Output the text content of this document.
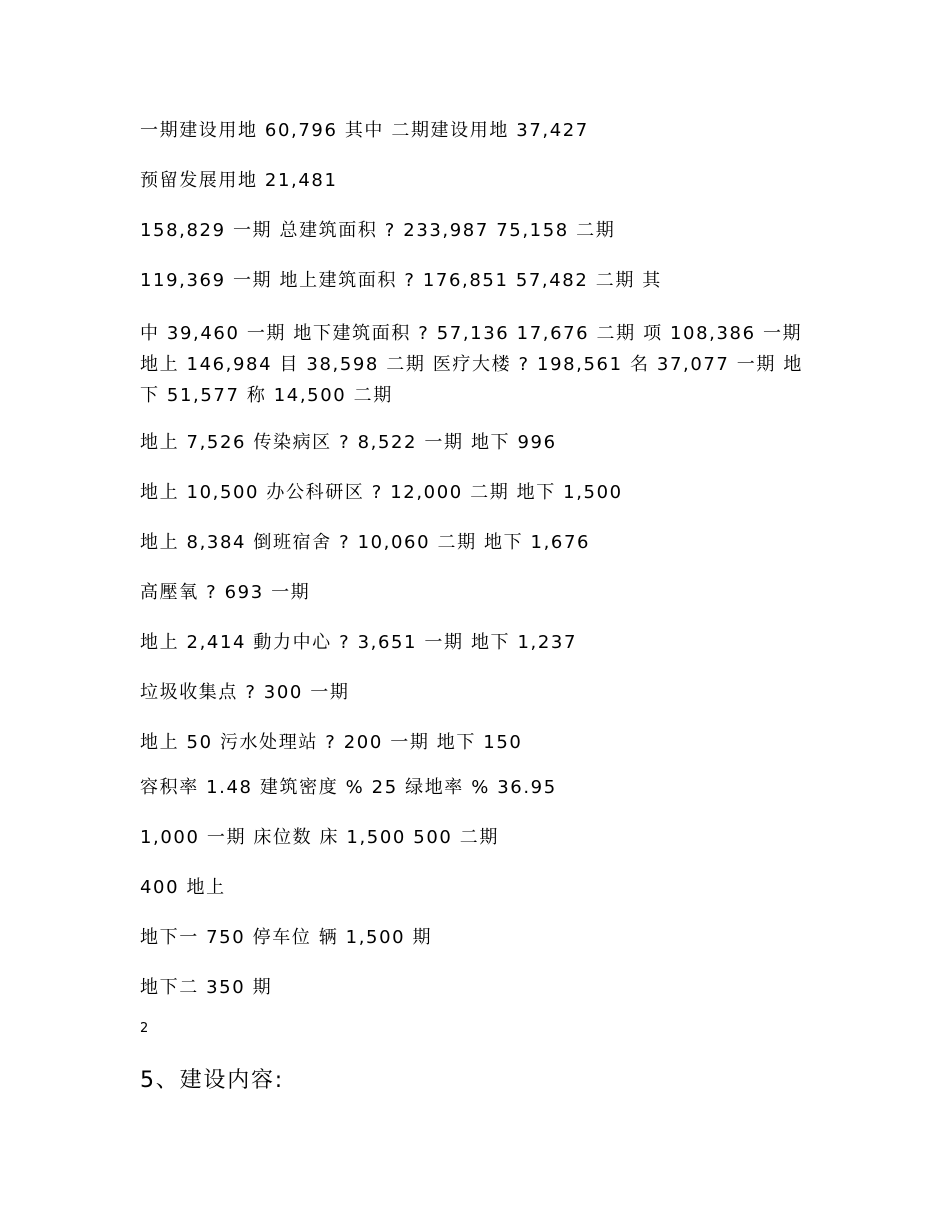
一期建设用地 60,796 其中 二期建设用地 37,427
预留发展用地 21,481
158,829 一期 总建筑面积 ? 233,987 75,158 二期
119,369 一期 地上建筑面积 ? 176,851 57,482 二期 其
中 39,460 一期 地下建筑面积 ? 57,136 17,676 二期 项 108,386 一期 地上 146,984 目 38,598 二期 医疗大楼 ? 198,561 名 37,077 一期 地下 51,577 称 14,500 二期
地上 7,526 传染病区 ? 8,522 一期 地下 996
地上 10,500 办公科研区 ? 12,000 二期 地下 1,500
地上 8,384 倒班宿舍 ? 10,060 二期 地下 1,676
高壓氧 ? 693 一期
地上 2,414 動力中心 ? 3,651 一期 地下 1,237
垃圾收集点 ? 300 一期
地上 50 污水处理站 ? 200 一期 地下 150
容积率 1.48 建筑密度 % 25 绿地率 % 36.95
1,000 一期 床位数 床 1,500 500 二期
400 地上
地下一 750 停车位 辆 1,500 期
地下二 350 期
2
5、建设内容:
